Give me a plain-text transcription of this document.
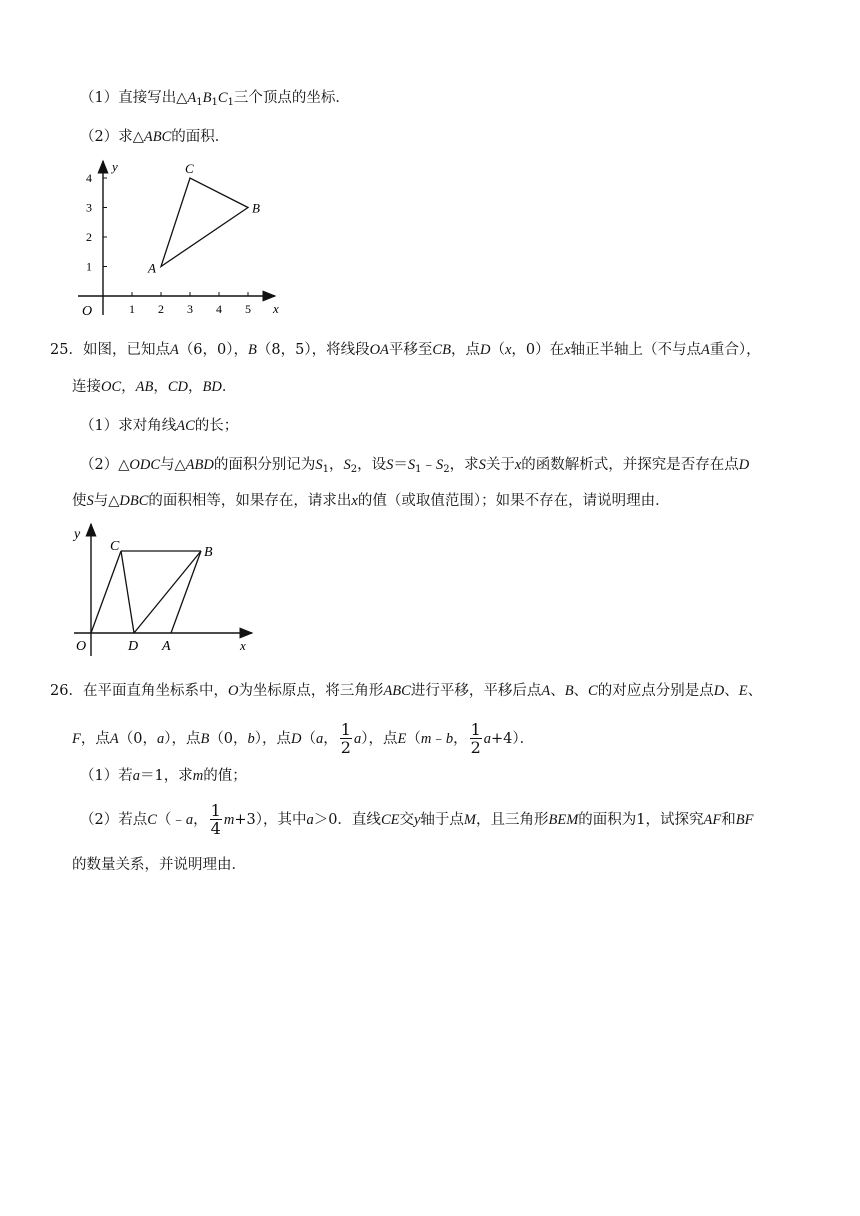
（1）直接写出$\triangle A_1B_1C_1$三个顶点的坐标．
（2）求△ABC的面积．
y
x
O	1 2 3 4 5
1
2
3
4
A
B
C
25．如图，已知点A（6，0），B（8，5），将线段OA平移至CB，点D（x，0）在x轴正半轴上（不与点A重合），
连接OC，AB，CD，BD．
（1）求对角线AC的长；
（2）△ODC与△ABD的面积分别记为$S_1$，$S_2$，设$S=S_1﹣S_2$，求S关于x的函数解析式，并探究是否存在点D
使S与△DBC的面积相等，如果存在，请求出x的值（或取值范围）；如果不存在，请说明理由．
y
x
O	D A
B
C
26．在平面直角坐标系中，O为坐标原点，将三角形ABC进行平移，平移后点A、B、C的对应点分别是点D、E、
F，点A（0，a），点B（0，b），点D（a， $\frac{1}{2} a$），点E（m﹣b， $\frac{1}{2} a+4$）．
（1）若a＝1，求m的值；
（2）若点C（﹣a， $\frac{1}{4} m+3$），其中a＞0．直线CE交y轴于点M，且三角形BEM的面积为1，试探究AF和BF
的数量关系，并说明理由．
